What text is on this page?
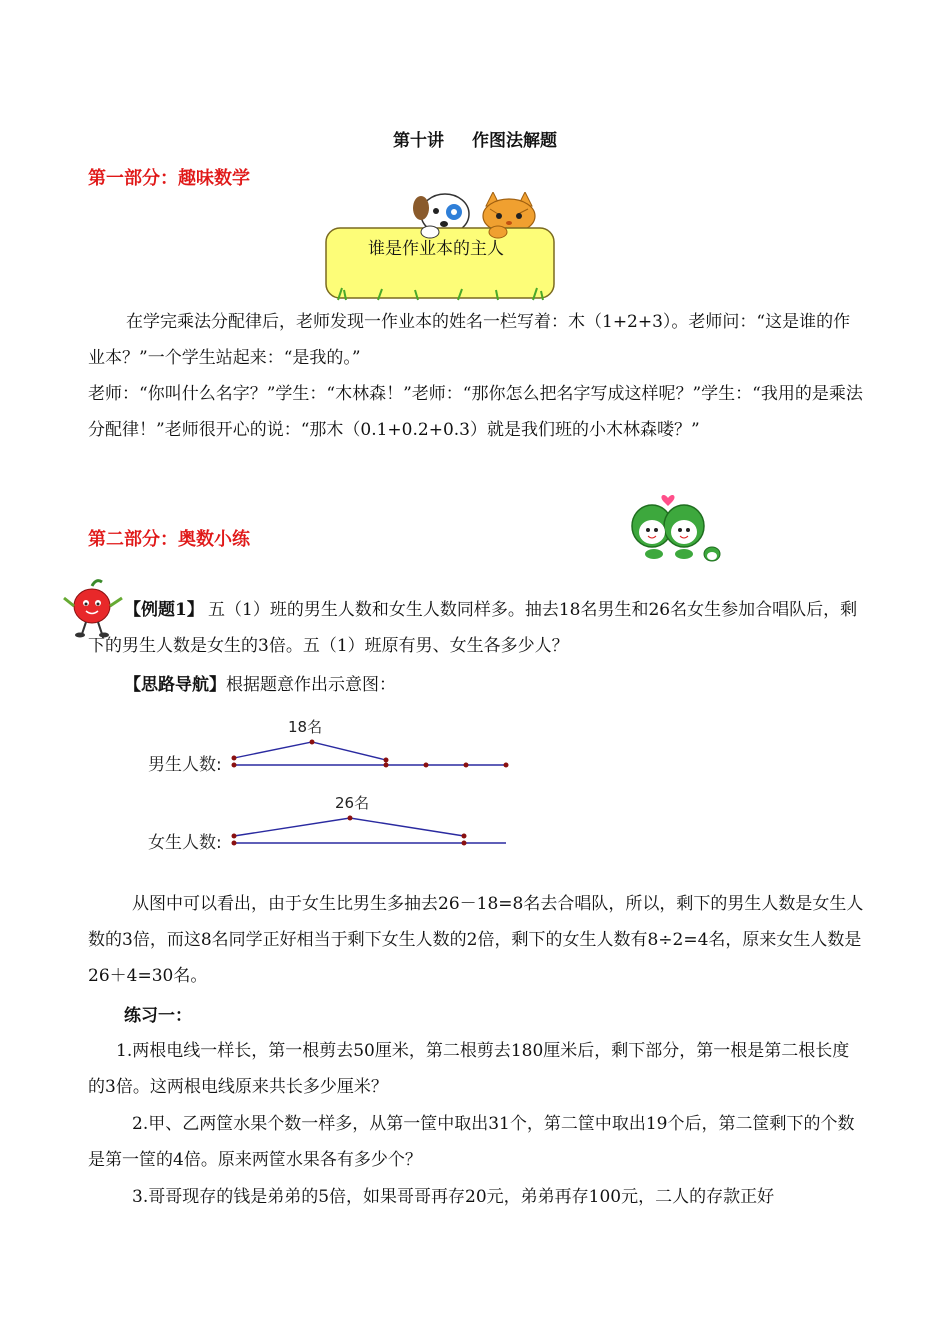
第十讲 作图法解题
第一部分：趣味数学
谁是作业本的主人
在学完乘法分配律后，老师发现一作业本的姓名一栏写着：木（1+2+3）。老师问：“这是谁的作业本？”一个学生站起来：“是我的。”
老师：“你叫什么名字？”学生：“木林森！”老师：“那你怎么把名字写成这样呢？”学生：“我用的是乘法分配律！”老师很开心的说：“那木（0.1+0.2+0.3）就是我们班的小木林森喽？”
第二部分：奥数小练
【例题1】 五（1）班的男生人数和女生人数同样多。抽去18名男生和26名女生参加合唱队后，剩下的男生人数是女生的3倍。五（1）班原有男、女生各多少人？
【思路导航】根据题意作出示意图：
男生人数:
18名
女生人数:
26名
从图中可以看出，由于女生比男生多抽去26－18=8名去合唱队，所以，剩下的男生人数是女生人数的3倍，而这8名同学正好相当于剩下女生人数的2倍，剩下的女生人数有8÷2=4名，原来女生人数是26＋4=30名。
练习一：
1.两根电线一样长，第一根剪去50厘米，第二根剪去180厘米后，剩下部分，第一根是第二根长度的3倍。这两根电线原来共长多少厘米？
2.甲、乙两筐水果个数一样多，从第一筐中取出31个，第二筐中取出19个后，第二筐剩下的个数是第一筐的4倍。原来两筐水果各有多少个？
3.哥哥现存的钱是弟弟的5倍，如果哥哥再存20元，弟弟再存100元，二人的存款正好
